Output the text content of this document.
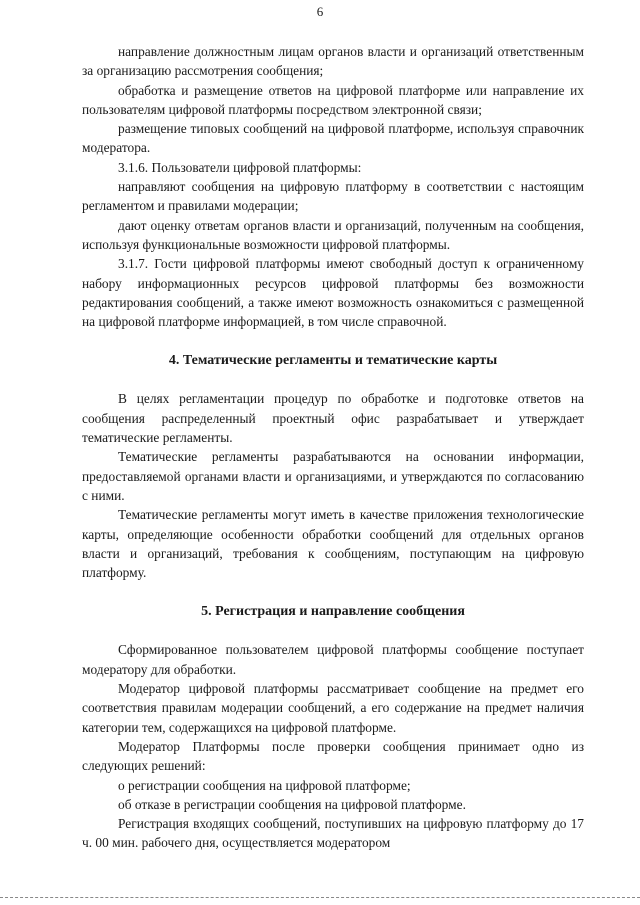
6

направление должностным лицам органов власти и организаций ответственным за организацию рассмотрения сообщения;

обработка и размещение ответов на цифровой платформе или направление их пользователям цифровой платформы посредством электронной связи;

размещение типовых сообщений на цифровой платформе, используя справочник модератора.

3.1.6. Пользователи цифровой платформы:

направляют сообщения на цифровую платформу в соответствии с настоящим регламентом и правилами модерации;

дают оценку ответам органов власти и организаций, полученным на сообщения, используя функциональные возможности цифровой платформы.

3.1.7. Гости цифровой платформы имеют свободный доступ к ограниченному набору информационных ресурсов цифровой платформы без возможности редактирования сообщений, а также имеют возможность ознакомиться с размещенной на цифровой платформе информацией, в том числе справочной.

4. Тематические регламенты и тематические карты

В целях регламентации процедур по обработке и подготовке ответов на сообщения распределенный проектный офис разрабатывает и утверждает тематические регламенты.

Тематические регламенты разрабатываются на основании информации, предоставляемой органами власти и организациями, и утверждаются по согласованию с ними.

Тематические регламенты могут иметь в качестве приложения технологические карты, определяющие особенности обработки сообщений для отдельных органов власти и организаций, требования к сообщениям, поступающим на цифровую платформу.

5. Регистрация и направление сообщения

Сформированное пользователем цифровой платформы сообщение поступает модератору для обработки.

Модератор цифровой платформы рассматривает сообщение на предмет его соответствия правилам модерации сообщений, а его содержание на предмет наличия категории тем, содержащихся на цифровой платформе.

Модератор Платформы после проверки сообщения принимает одно из следующих решений:

о регистрации сообщения на цифровой платформе;

об отказе в регистрации сообщения на цифровой платформе.

Регистрация входящих сообщений, поступивших на цифровую платформу до 17 ч. 00 мин. рабочего дня, осуществляется модератором
